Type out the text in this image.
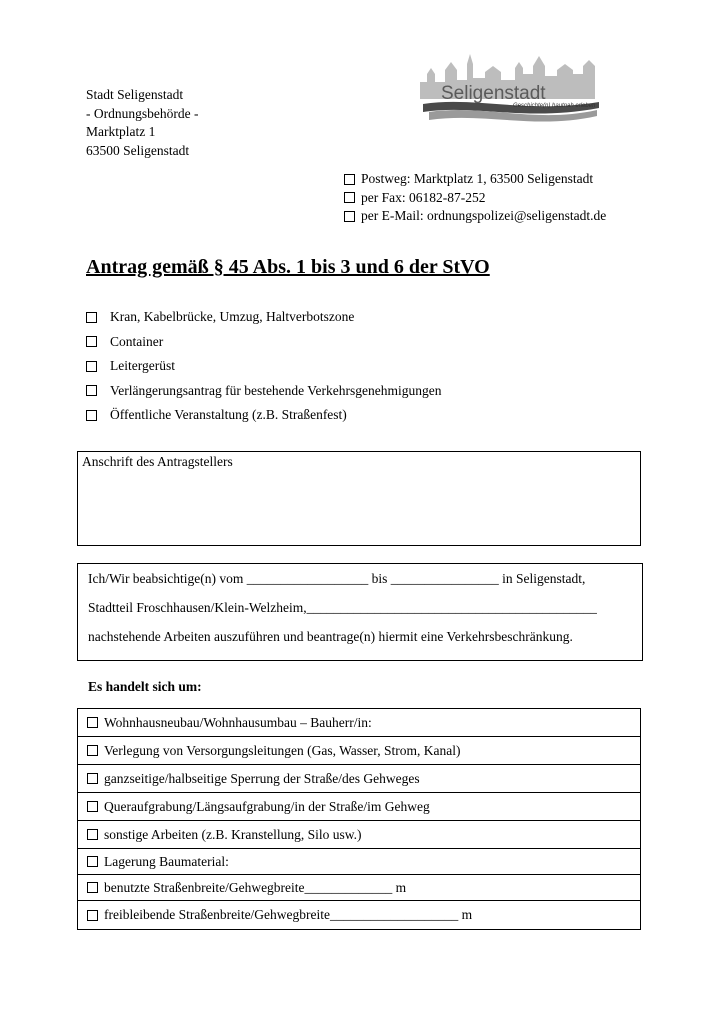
Stadt Seligenstadt
- Ordnungsbehörde -
Marktplatz 1
63500 Seligenstadt
Seligenstadt
Geschichte(n) hautnah erleben
Postweg: Marktplatz 1, 63500 Seligenstadt
per Fax: 06182-87-252
per E-Mail: ordnungspolizei@seligenstadt.de
Antrag gemäß § 45 Abs. 1 bis 3 und 6 der StVO
Kran, Kabelbrücke, Umzug, Haltverbotszone
Container
Leitergerüst
Verlängerungsantrag für bestehende Verkehrsgenehmigungen
Öffentliche Veranstaltung (z.B. Straßenfest)
Anschrift des Antragstellers
Ich/Wir beabsichtige(n) vom __________________ bis ________________ in Seligenstadt,
Stadtteil Froschhausen/Klein-Welzheim,___________________________________________
nachstehende Arbeiten auszuführen und beantrage(n) hiermit eine Verkehrsbeschränkung.
Es handelt sich um:
Wohnhausneubau/Wohnhausumbau – Bauherr/in:
Verlegung von Versorgungsleitungen (Gas, Wasser, Strom, Kanal)
ganzseitige/halbseitige Sperrung der Straße/des Gehweges
Queraufgrabung/Längsaufgrabung/in der Straße/im Gehweg
sonstige Arbeiten (z.B. Kranstellung, Silo usw.)
Lagerung Baumaterial:
benutzte Straßenbreite/Gehwegbreite_____________ m
freibleibende Straßenbreite/Gehwegbreite___________________ m
